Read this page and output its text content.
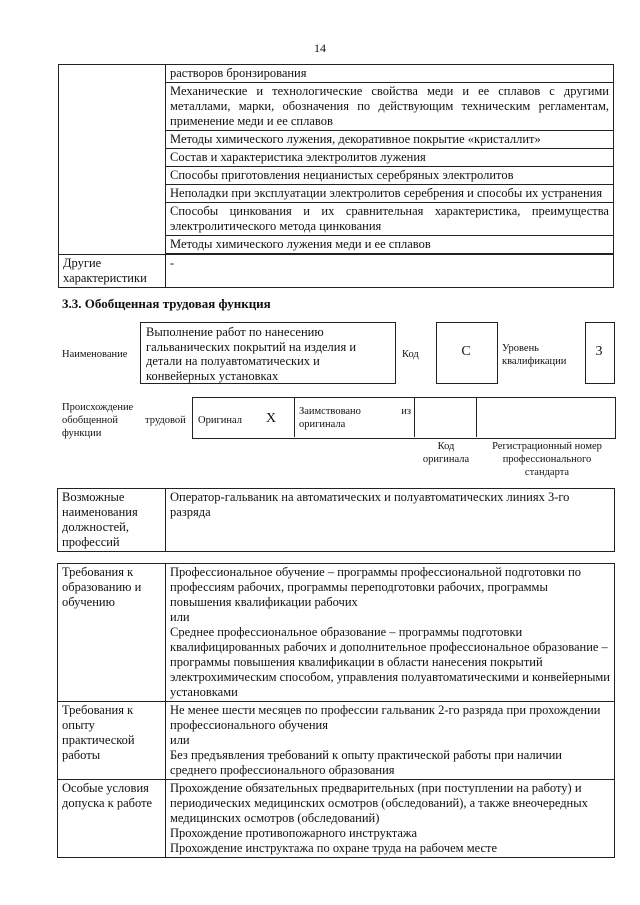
14
	растворов бронзирования
	Механические и технологические свойства меди и ее сплавов с другими металлами, марки, обозначения по действующим техническим регламентам, применение меди и ее сплавов
	Методы химического лужения, декоративное покрытие «кристаллит»
	Состав и характеристика электролитов лужения
	Способы приготовления нецианистых серебряных электролитов
	Неполадки при эксплуатации электролитов серебрения и способы их устранения
	Способы цинкования и их сравнительная характеристика, преимущества электролитического метода цинкования
	Методы химического лужения меди и ее сплавов
Другие характеристики	-
3.3. Обобщенная трудовая функция
Наименование
Выполнение работ по нанесению гальванических покрытий на изделия и детали на полуавтоматических и конвейерных установках
Код	C	Уровень квалификации
3
Происхождение обобщенной функции
трудовой Оригинал X Заимствовано из оригинала
Код оригинала
Регистрационный номер профессионального стандарта
Возможные наименования должностей, профессий	Оператор-гальваник на автоматических и полуавтоматических линиях 3-го разряда
Требования к образованию и обучению	Профессиональное обучение – программы профессиональной подготовки по профессиям рабочих, программы переподготовки рабочих, программы повышения квалификации рабочих
или
Среднее профессиональное образование – программы подготовки квалифицированных рабочих и дополнительное профессиональное образование – программы повышения квалификации в области нанесения покрытий электрохимическим способом, управления полуавтоматическими и конвейерными установками

Требования к опыту практической работы	Не менее шести месяцев по профессии гальваник 2-го разряда при прохождении профессионального обучения
или
Без предъявления требований к опыту практической работы при наличии среднего профессионального образования

Особые условия допуска к работе	Прохождение обязательных предварительных (при поступлении на работу) и периодических медицинских осмотров (обследований), а также внеочередных медицинских осмотров (обследований)
Прохождение противопожарного инструктажа
Прохождение инструктажа по охране труда на рабочем месте
